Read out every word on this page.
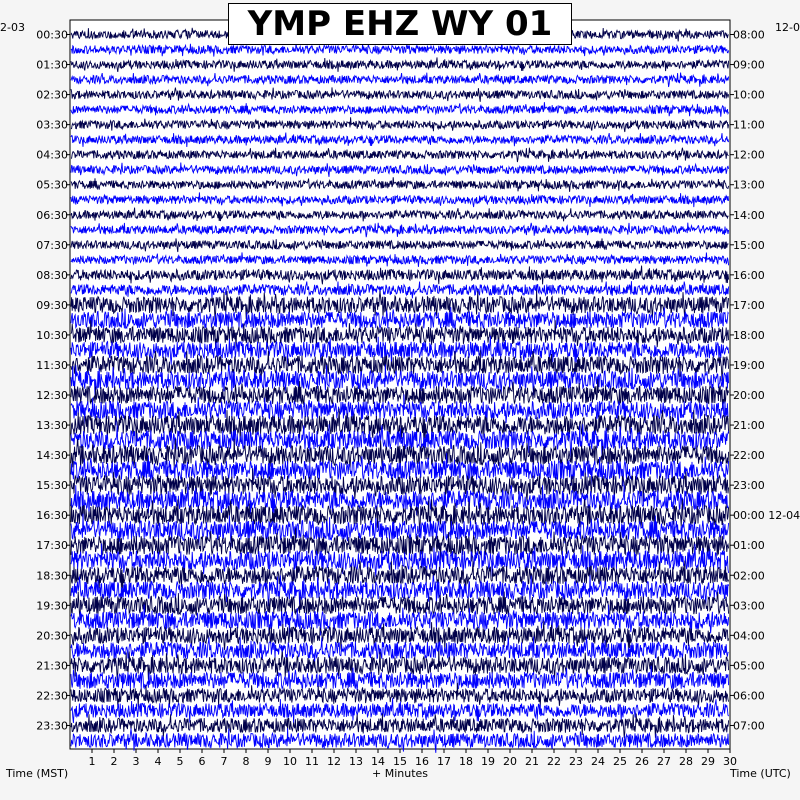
1 2 3 4 5 6 7 8 9 10 11 12 13 14 15 16 17 18 19 20 21 22 23 24 25 26 27 28 29 30
00:30
01:30
02:30
03:30
04:30
05:30
06:30
07:30
08:30
09:30
10:30
11:30
12:30
13:30
14:30
15:30
16:30
17:30
18:30
19:30
20:30
21:30
22:30
23:30
08:00
09:00
10:00
11:00
12:00
13:00
14:00
15:00
16:00
17:00
18:00
19:00
20:00
21:00
22:00
23:00
00:00 12-04
01:00
02:00
03:00
04:00
05:00
06:00
07:00
YMP EHZ WY 01
2-03	12-0
Time (MST)	+ Minutes	Time (UTC)
